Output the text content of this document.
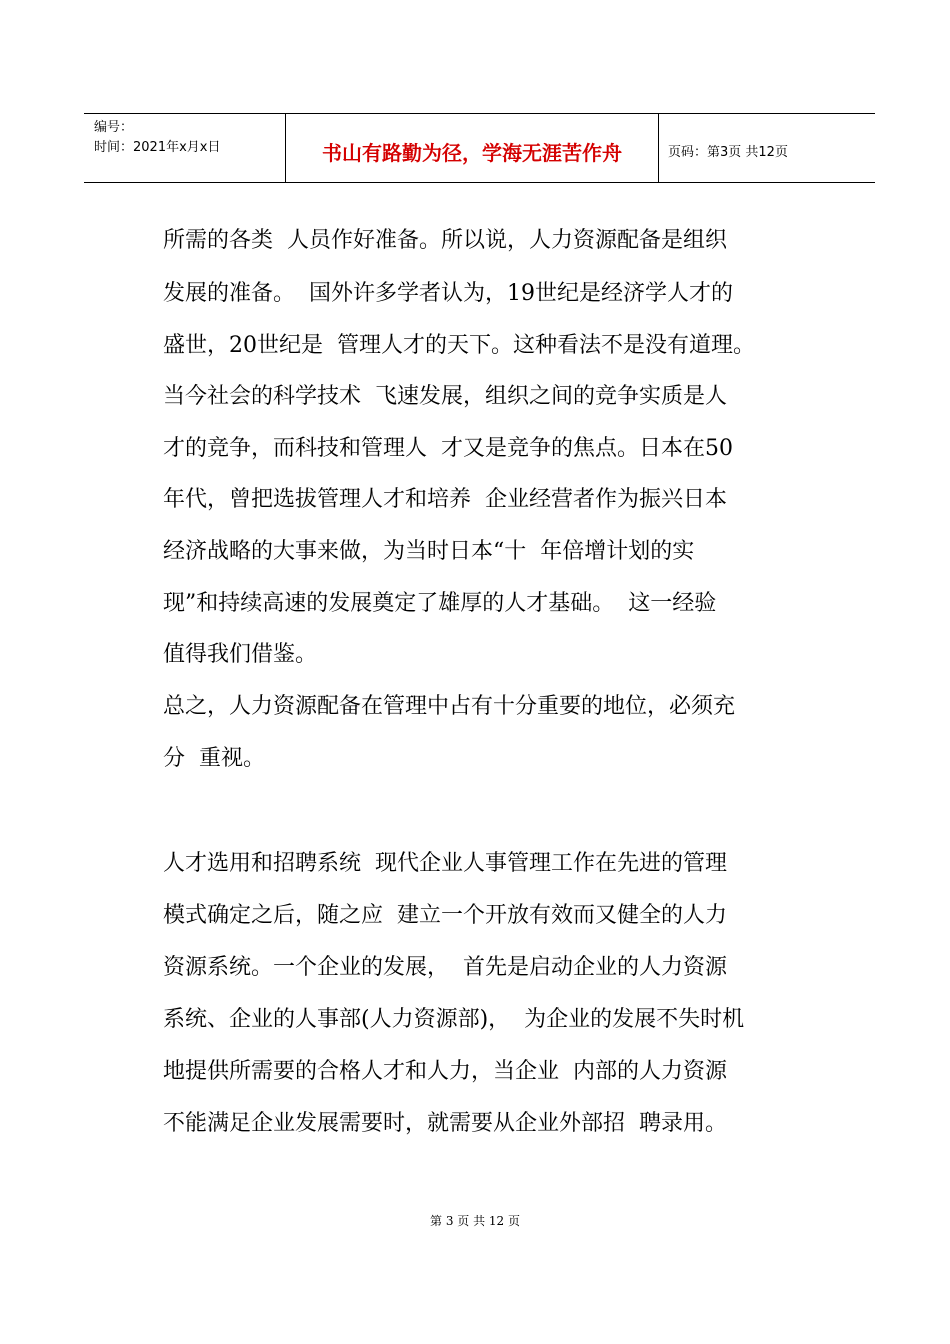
编号：
时间：2021年x月x日	书山有路勤为径，学海无涯苦作舟	页码：第3页 共12页

所需的各类  人员作好准备。所以说，人力资源配备是组织

发展的准备。  国外许多学者认为，19世纪是经济学人才的

盛世，20世纪是  管理人才的天下。这种看法不是没有道理。

当今社会的科学技术  飞速发展，组织之间的竞争实质是人

才的竞争，而科技和管理人  才又是竞争的焦点。日本在50

年代，曾把选拔管理人才和培养  企业经营者作为振兴日本

经济战略的大事来做，为当时日本“十  年倍增计划的实

现”和持续高速的发展奠定了雄厚的人才基础。  这一经验

值得我们借鉴。

总之，人力资源配备在管理中占有十分重要的地位，必须充

分  重视。

人才选用和招聘系统  现代企业人事管理工作在先进的管理

模式确定之后，随之应  建立一个开放有效而又健全的人力

资源系统。一个企业的发展，  首先是启动企业的人力资源

系统、企业的人事部(人力资源部)，  为企业的发展不失时机

地提供所需要的合格人才和人力，当企业  内部的人力资源

不能满足企业发展需要时，就需要从企业外部招  聘录用。

第 3 页 共 12 页
